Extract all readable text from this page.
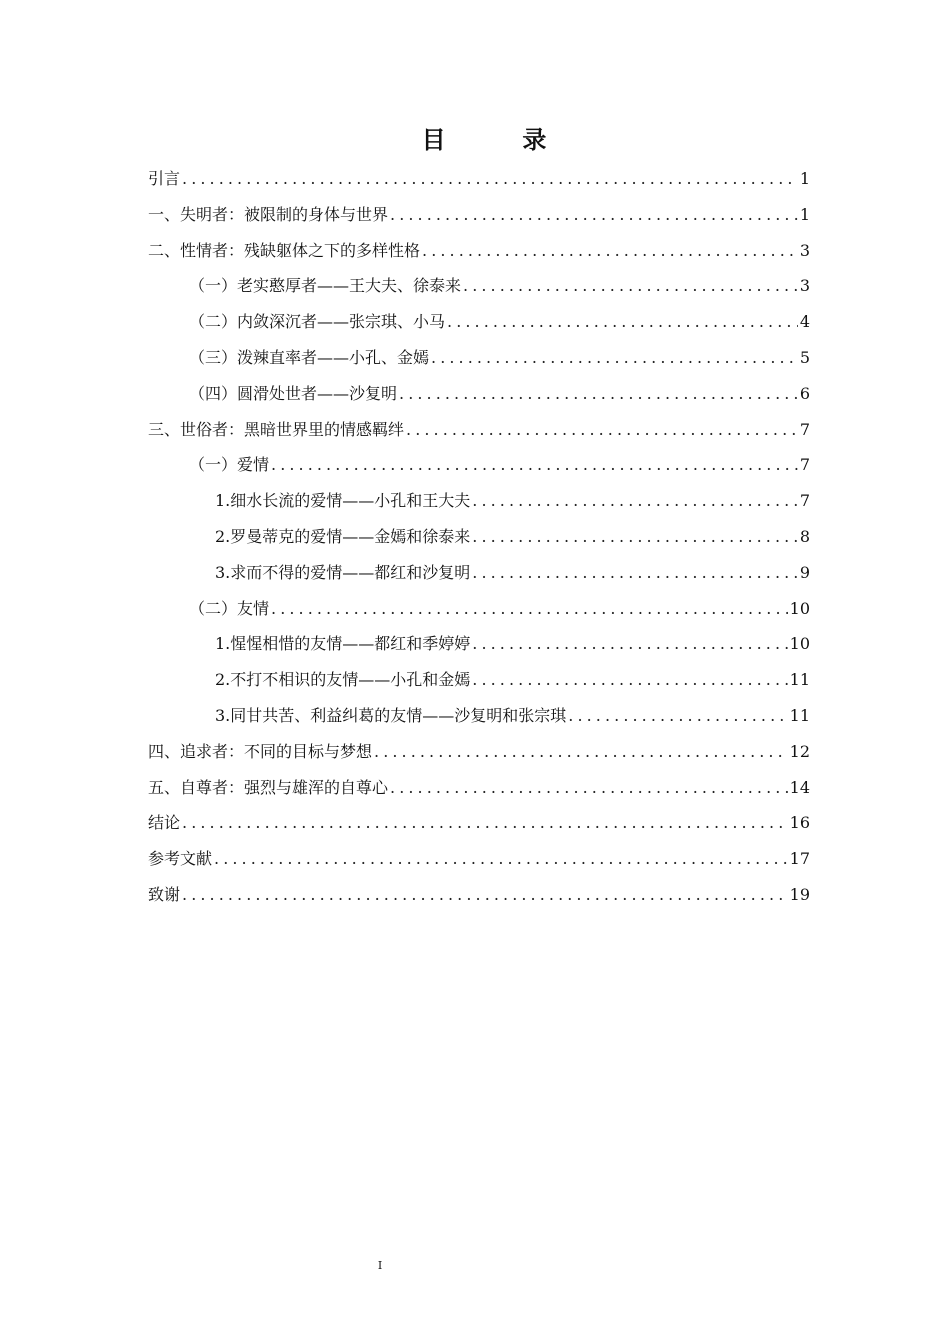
目  录
引言 . . .	1
一、失明者：被限制的身体与世界 . . .	1
二、性情者：残缺躯体之下的多样性格 . . .	3
（一）老实憨厚者——王大夫、徐泰来 . . .	3
（二）内敛深沉者——张宗琪、小马 . . .	4
（三）泼辣直率者——小孔、金嫣 . . .	5
（四）圆滑处世者——沙复明 . . .	6
三、世俗者：黑暗世界里的情感羁绊 . . .	7
（一）爱情 . . .	7
1.细水长流的爱情——小孔和王大夫 . . .	7
2.罗曼蒂克的爱情——金嫣和徐泰来 . . .	8
3.求而不得的爱情——都红和沙复明 . . .	9
（二）友情 . . .	10
1.惺惺相惜的友情——都红和季婷婷 . . .	10
2.不打不相识的友情——小孔和金嫣 . . .	11
3.同甘共苦、利益纠葛的友情——沙复明和张宗琪 . . .	11
四、追求者：不同的目标与梦想 . . .	12
五、自尊者：强烈与雄浑的自尊心 . . .	14
结论 . . .	16
参考文献 . . .	17
致谢 . . .	19
I
